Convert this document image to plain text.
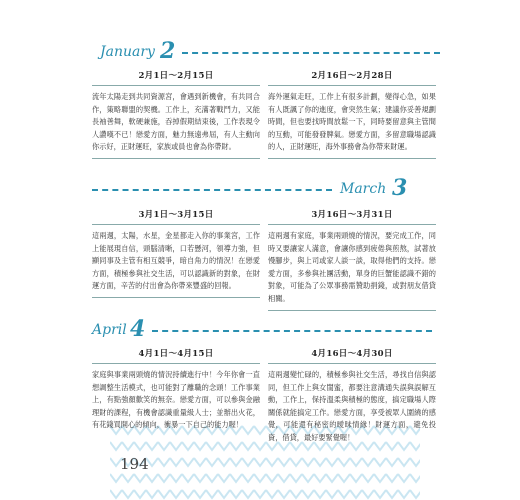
January 2
2月1日～2月15日
流年太陽走到共同資源宮，會遇到新機會，有共同合作，策略聯盟的契機。工作上，充滿著戰鬥力，又能長袖善舞，軟硬兼施，吞掉假期結束後，工作表現令人讚嘆不已！戀愛方面，魅力無遠弗屆，有人主動向你示好，正財運旺，家族或員也會為你帶財。
2月16日～2月28日
海外運氣走旺，工作上有很多計劃，變得心急，如果有人既諷了你的進度，會突然生氣；建議你妥善規劃時間，但也要找時間放鬆一下，同時要留意與主管間的互動，可能發發脾氣。戀愛方面，多留意職場認識的人，正財運旺，海外事務會為你帶來財運。
March 3
3月1日～3月15日
這兩週，太陽，水星，金星都走入你的事業宮，工作上能展現自信，頭腦清晰，口若懸河，領導力強，但顯同事及主管有相互競爭，暗自角力的情況！在戀愛方面，積極參與社交生活，可以認識新的對象，在財運方面，辛苦的付出會為你帶來豐盛的回報。
3月16日～3月31日
這兩週有家庭，事業兩頭燒的情況，要完成工作，同時又要讓家人滿意，會讓你感到疲倦與煎熬，試著放慢腳步，與上司或家人談一談，取得他們的支持。戀愛方面，多參與社團活動，單身的巨蟹能認識不錯的對象，可能為了公眾事務需贊助捐錢，或對朋友借貸相關。
April 4
4月1日～4月15日
家庭與事業兩頭燒的情況持續進行中！今年你會一直想調整生活模式，也可能對了離職的念頭！工作事業上，有點強顏歡笑的無奈。戀愛方面，可以參與金融理財的課程，有機會認識重量級人士；並辦出火花，有花錢買開心的傾向，衝暴一下自己的能力喔！
4月16日～4月30日
這兩週變忙碌的，積極參與社交生活，尋找自信與認同，但工作上與女閨蜜，都要注意溝通失誤與誤解互動，工作上，保持溫柔與積極的態度，搞定職場人際關係就能搞定工作。戀愛方面，享受被眾人圍繞的感覺，可能還有秘密的曖昧情緣！財運方面，避免投資，借貸，最好要緊覺喔！
194
